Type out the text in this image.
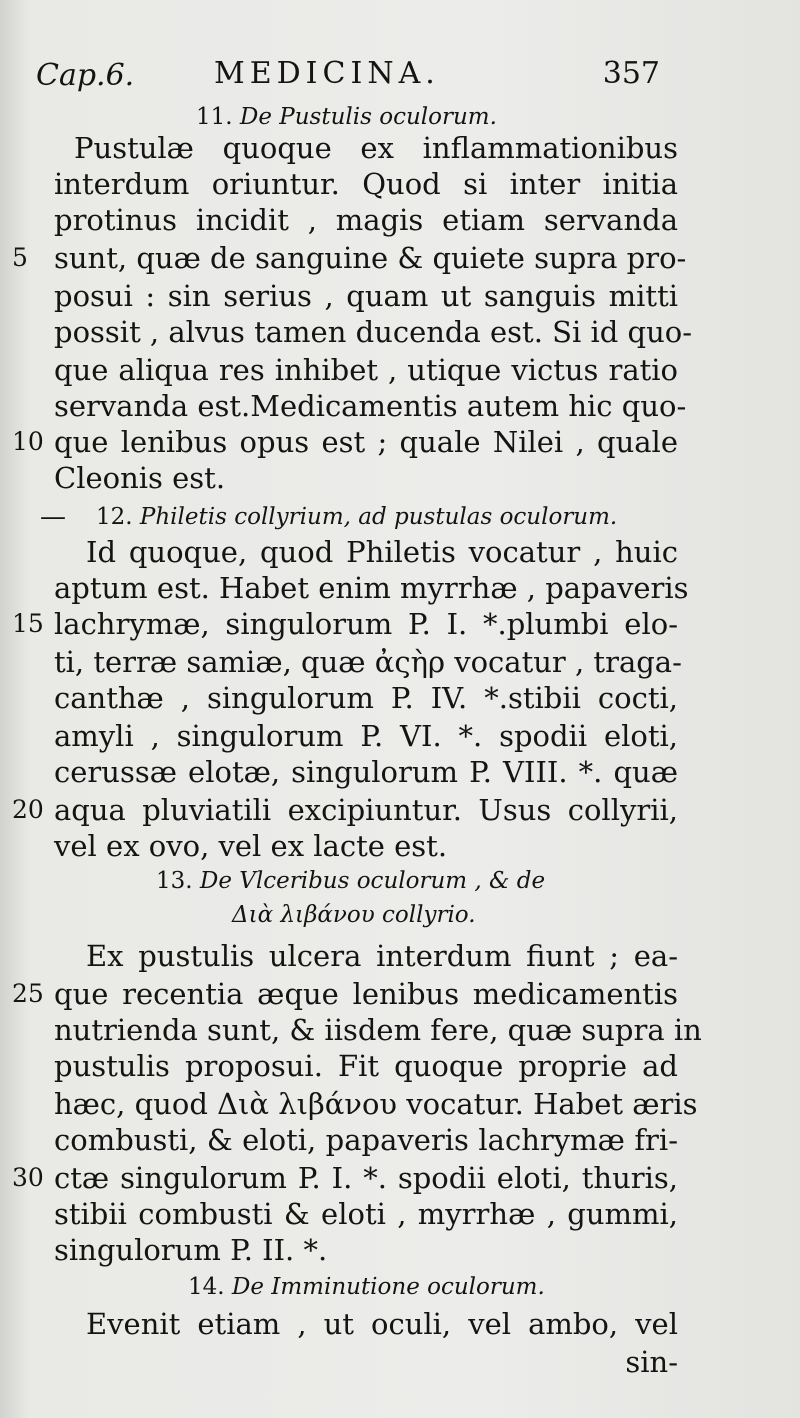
Cap.6.	MEDICINA.	357
11. De Pustulis oculorum.
Pustulæ quoque ex inflammationibus
interdum oriuntur. Quod si inter initia
protinus incidit , magis etiam servanda
sunt, quæ de sanguine & quiete supra pro-
posui : sin serius , quam ut sanguis mitti
possit , alvus tamen ducenda est. Si id quo-
que aliqua res inhibet , utique victus ratio
servanda est.Medicamentis autem hic quo-
que lenibus opus est ; quale Nilei , quale
Cleonis est.
— 12. Philetis collyrium, ad pustulas oculorum.
Id quoque, quod Philetis vocatur , huic
aptum est. Habet enim myrrhæ , papaveris
lachrymæ, singulorum P. I. *.plumbi elo-
ti, terræ samiæ, quæ ἀςὴρ vocatur , traga-
canthæ , singulorum P. IV. *.stibii cocti,
amyli , singulorum P. VI. *. spodii eloti,
cerussæ elotæ, singulorum P. VIII. *. quæ
aqua pluviatili excipiuntur. Usus collyrii,
vel ex ovo, vel ex lacte est.
13. De Vlceribus oculorum , & de
Διὰ λιβάνου collyrio.
Ex pustulis ulcera interdum fiunt ; ea-
que recentia æque lenibus medicamentis
nutrienda sunt, & iisdem fere, quæ supra in
pustulis proposui. Fit quoque proprie ad
hæc, quod Διὰ λιβάνου vocatur. Habet æris
combusti, & eloti, papaveris lachrymæ fri-
ctæ singulorum P. I. *. spodii eloti, thuris,
stibii combusti & eloti , myrrhæ , gummi,
singulorum P. II. *.
14. De Imminutione oculorum.
Evenit etiam , ut oculi, vel ambo, vel
sin-
5
10
15
20
25
30
